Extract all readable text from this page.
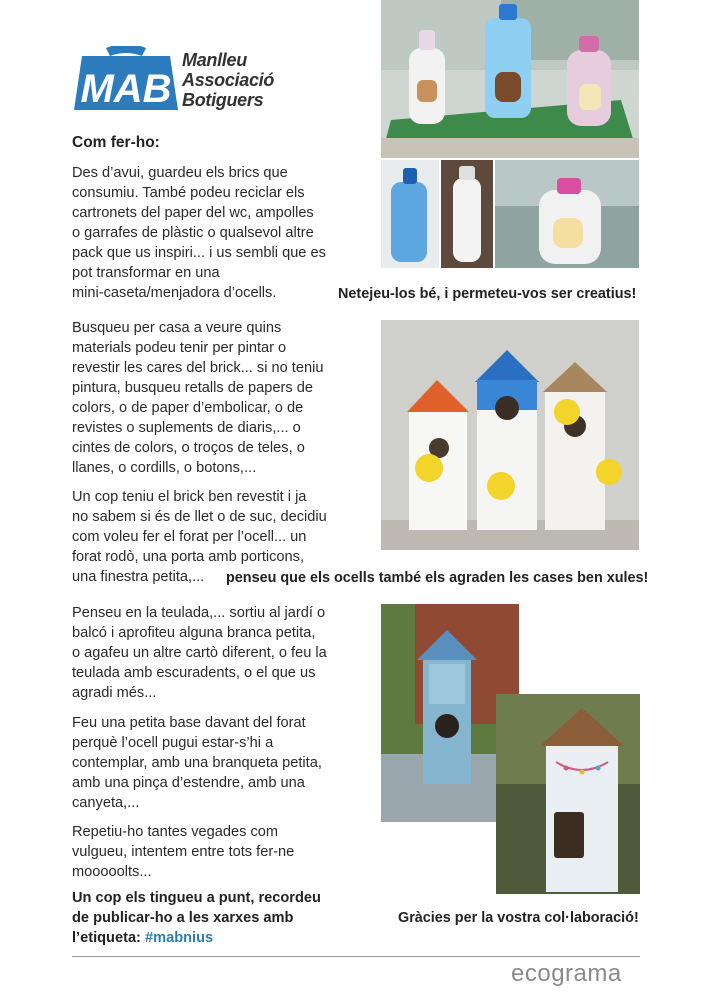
MAB
Manlleu
Associació
Botiguers
Com fer-ho:

Des d’avui, guardeu els brics que
consumiu. També podeu reciclar els
cartronets del paper del wc, ampolles
o garrafes de plàstic o qualsevol altre
pack que us inspiri... i us sembli que es
pot transformar en una
mini-caseta/menjadora d’ocells.

Busqueu per casa a veure quins
materials podeu tenir per pintar o
revestir les cares del brick... si no teniu
pintura, busqueu retalls de papers de
colors, o de paper d’embolicar, o de
revistes o suplements de diaris,... o
cintes de colors, o troços de teles, o
llanes, o cordills, o botons,...

Un cop teniu el brick ben revestit i ja
no sabem si és de llet o de suc, decidiu
com voleu fer el forat per l’ocell... un
forat rodò, una porta amb porticons,
una finestra petita,...

Penseu en la teulada,... sortiu al jardí o
balcó i aprofiteu alguna branca petita,
o agafeu un altre cartò diferent, o feu la
teulada amb escuradents, o el que us
agradi més...

Feu una petita base davant del forat
perquè l’ocell pugui estar-s’hi a
contemplar, amb una branqueta petita,
amb una pinça d’estendre, amb una
canyeta,...

Repetiu-ho tantes vegades com
vulgueu, intentem entre tots fer-ne
mooooolts...

Un cop els tingueu a punt, recordeu
de publicar-ho a les xarxes amb
l’etiqueta: #mabnius

Netejeu-los bé, i permeteu-vos ser creatius!
penseu que els ocells també els agraden les cases ben xules!
Gràcies per la vostra col·laboració!
ecograma
